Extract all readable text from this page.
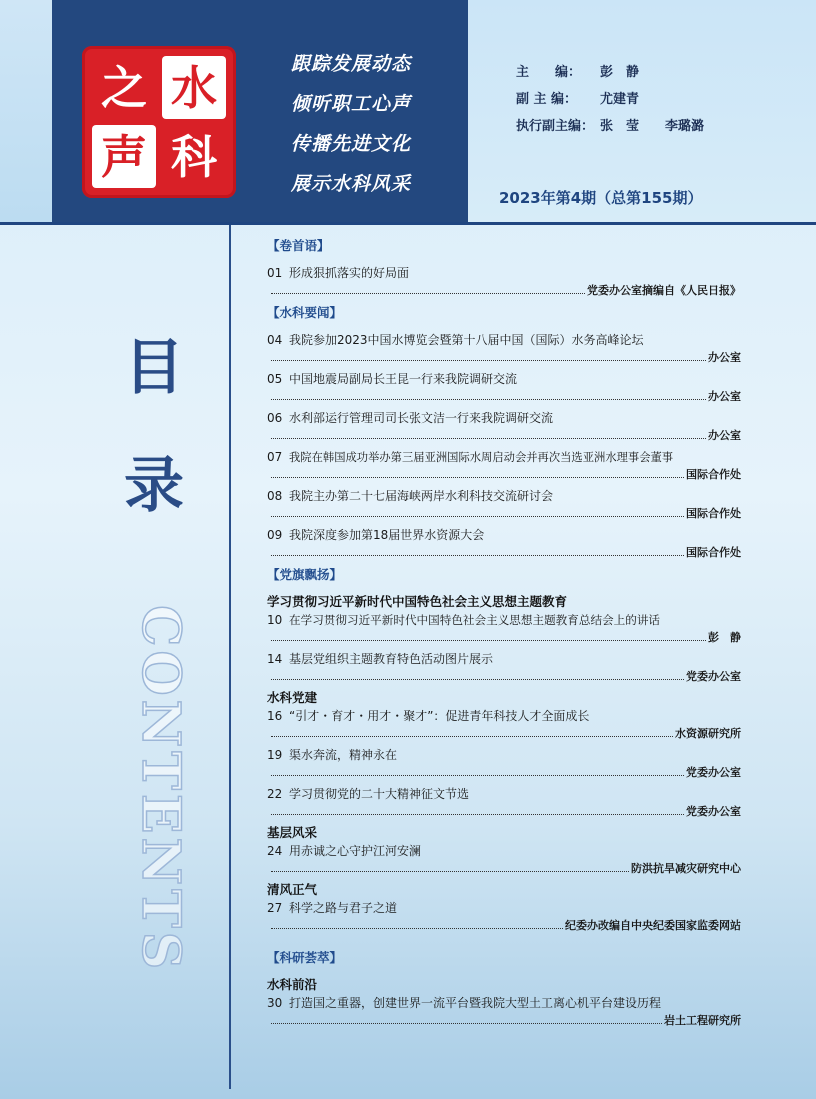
之 水
声 科
跟踪发展动态
倾听职工心声
传播先进文化
展示水科风采
主　　编：	彭　静
副 主 编：	尤建青
执行副主编： 张　莹　　李璐潞
2023年第4期（总第155期）
目
录
CONTENTS
【卷首语】
01 形成狠抓落实的好局面
党委办公室摘编自《人民日报》
【水科要闻】
04 我院参加2023中国水博览会暨第十八届中国（国际）水务高峰论坛
办公室
05 中国地震局副局长王昆一行来我院调研交流
办公室
06 水利部运行管理司司长张文洁一行来我院调研交流
办公室
07 我院在韩国成功举办第三届亚洲国际水周启动会并再次当选亚洲水理事会董事
国际合作处
08 我院主办第二十七届海峡两岸水利科技交流研讨会
国际合作处
09 我院深度参加第18届世界水资源大会
国际合作处
【党旗飘扬】
学习贯彻习近平新时代中国特色社会主义思想主题教育
10 在学习贯彻习近平新时代中国特色社会主义思想主题教育总结会上的讲话
彭　静
14 基层党组织主题教育特色活动图片展示
党委办公室
水科党建
16 “引才・育才・用才・聚才”：促进青年科技人才全面成长
水资源研究所
19 渠水奔流，精神永在
党委办公室
22 学习贯彻党的二十大精神征文节选
党委办公室
基层风采
24 用赤诚之心守护江河安澜
防洪抗旱减灾研究中心
清风正气
27 科学之路与君子之道
纪委办改编自中央纪委国家监委网站
【科研荟萃】
水科前沿
30 打造国之重器，创建世界一流平台暨我院大型土工离心机平台建设历程
岩土工程研究所
